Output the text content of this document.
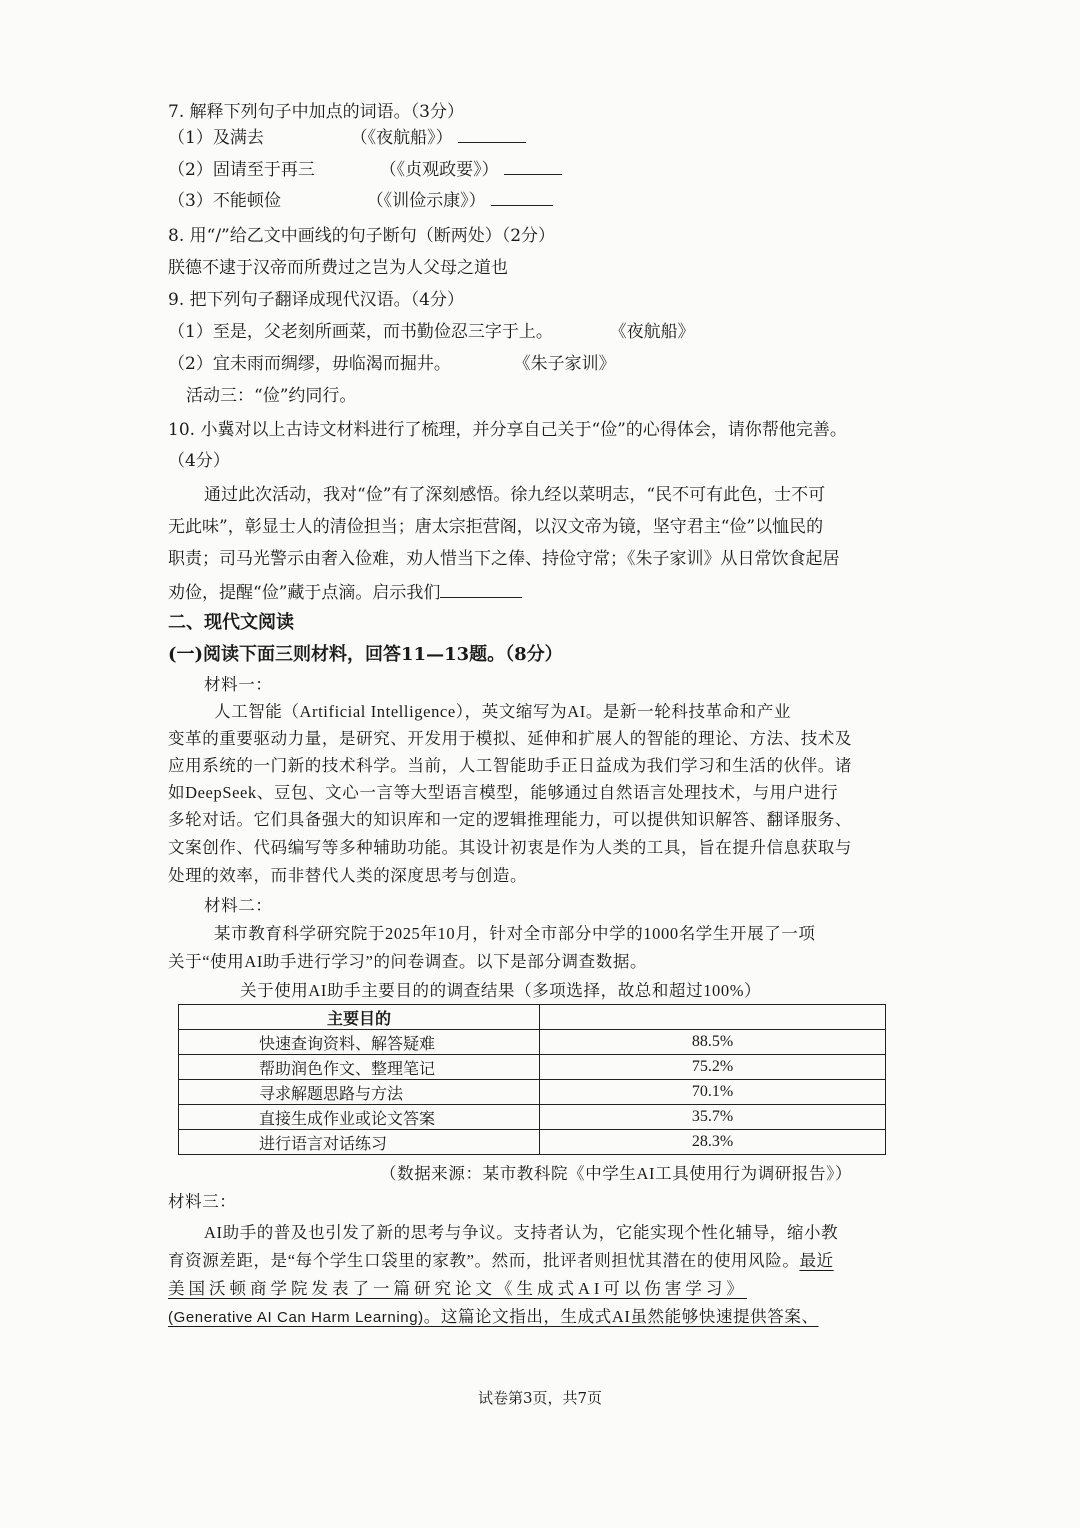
7. 解释下列句子中加点的词语。（3分）
（1）及满去	（《夜航船》）
（2）固请至于再三	（《贞观政要》）
（3）不能顿俭	（《训俭示康》）
8. 用“/”给乙文中画线的句子断句（断两处）（2分）
朕德不逮于汉帝而所费过之岂为人父母之道也
9. 把下列句子翻译成现代汉语。（4分）
（1）至是，父老刻所画菜，而书勤俭忍三字于上。	《夜航船》
（2）宜未雨而绸缪，毋临渴而掘井。	《朱子家训》
活动三：“俭”约同行。
10. 小冀对以上古诗文材料进行了梳理，并分享自己关于“俭”的心得体会，请你帮他完善。
（4分）
通过此次活动，我对“俭”有了深刻感悟。徐九经以菜明志，“民不可有此色，士不可
无此味”，彰显士人的清俭担当；唐太宗拒营阁，以汉文帝为镜，坚守君主“俭”以恤民的
职责；司马光警示由奢入俭难，劝人惜当下之俸、持俭守常；《朱子家训》从日常饮食起居
劝俭，提醒“俭”藏于点滴。启示我们
二、现代文阅读
(一)阅读下面三则材料，回答11—13题。（8分）
材料一：
人工智能（Artificial Intelligence），英文缩写为AI。是新一轮科技革命和产业
变革的重要驱动力量，是研究、开发用于模拟、延伸和扩展人的智能的理论、方法、技术及
应用系统的一门新的技术科学。当前，人工智能助手正日益成为我们学习和生活的伙伴。诸
如DeepSeek、豆包、文心一言等大型语言模型，能够通过自然语言处理技术，与用户进行
多轮对话。它们具备强大的知识库和一定的逻辑推理能力，可以提供知识解答、翻译服务、
文案创作、代码编写等多种辅助功能。其设计初衷是作为人类的工具，旨在提升信息获取与
处理的效率，而非替代人类的深度思考与创造。
材料二：
某市教育科学研究院于2025年10月，针对全市部分中学的1000名学生开展了一项
关于“使用AI助手进行学习”的问卷调查。以下是部分调查数据。
关于使用AI助手主要目的的调查结果（多项选择，故总和超过100%）
主要目的	
快速查询资料、解答疑难	88.5%
帮助润色作文、整理笔记	75.2%
寻求解题思路与方法	70.1%
直接生成作业或论文答案	35.7%
进行语言对话练习	28.3%
（数据来源：某市教科院《中学生AI工具使用行为调研报告》）
材料三：
AI助手的普及也引发了新的思考与争议。支持者认为，它能实现个性化辅导，缩小教
育资源差距，是“每个学生口袋里的家教”。然而，批评者则担忧其潜在的使用风险。最近
美国沃顿商学院发表了一篇研究论文《生成式AI可以伤害学习》
(Generative AI Can Harm Learning)。这篇论文指出，生成式AI虽然能够快速提供答案、
试卷第3页，共7页
